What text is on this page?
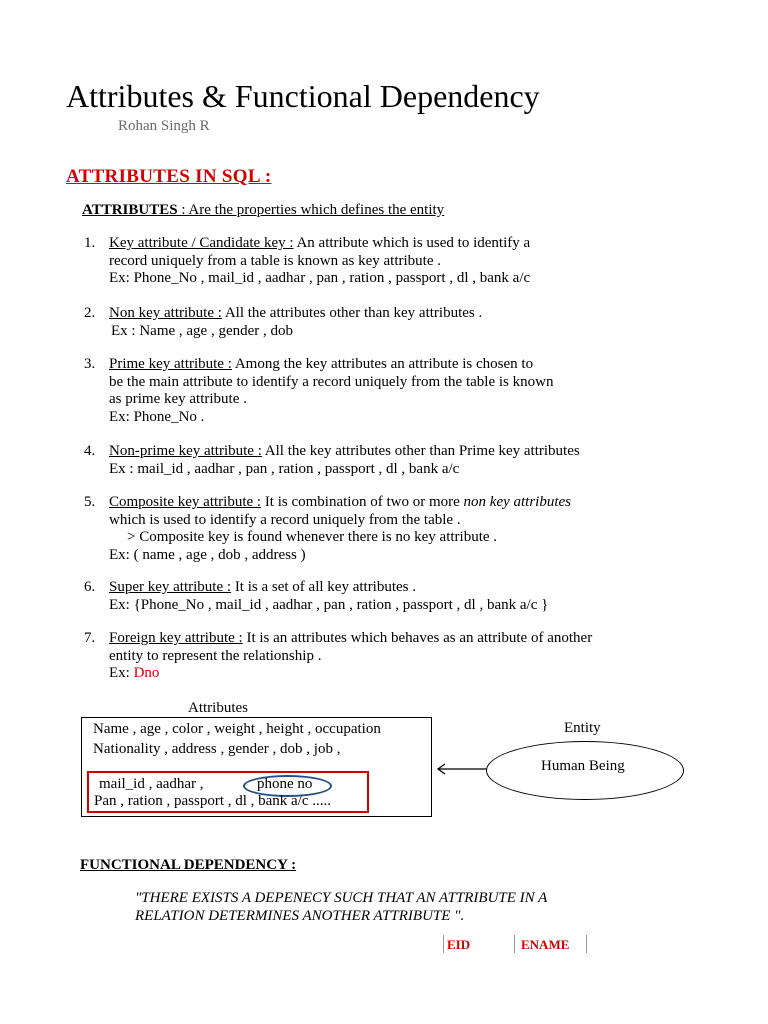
Attributes & Functional Dependency
Rohan Singh R
ATTRIBUTES IN SQL :
ATTRIBUTES : Are the properties which defines the entity
1. Key attribute / Candidate key : An attribute which is used to identify a
record uniquely from a table is known as key attribute .
Ex: Phone_No , mail_id , aadhar , pan , ration , passport , dl , bank a/c
2. Non key attribute : All the attributes other than key attributes .
Ex : Name , age , gender , dob
3. Prime key attribute : Among the key attributes an attribute is chosen to
be the main attribute to identify a record uniquely from the table is known
as prime key attribute .
Ex: Phone_No .
4. Non-prime key attribute : All the key attributes other than Prime key attributes
Ex : mail_id , aadhar , pan , ration , passport , dl , bank a/c
5. Composite key attribute : It is combination of two or more non key attributes
which is used to identify a record uniquely from the table .
> Composite key is found whenever there is no key attribute .
Ex: ( name , age , dob , address )
6. Super key attribute : It is a set of all key attributes .
Ex: {Phone_No , mail_id , aadhar , pan , ration , passport , dl , bank a/c }
7. Foreign key attribute : It is an attributes which behaves as an attribute of another
entity to represent the relationship .
Ex: Dno
Attributes
Name , age , color , weight , height , occupation
Nationality , address , gender , dob , job ,
mail_id , aadhar ,	phone no
Pan , ration , passport , dl , bank a/c .....
Entity
Human Being
FUNCTIONAL DEPENDENCY :
"THERE EXISTS A DEPENECY SUCH THAT AN ATTRIBUTE IN A
RELATION DETERMINES ANOTHER ATTRIBUTE ".
EID	ENAME
